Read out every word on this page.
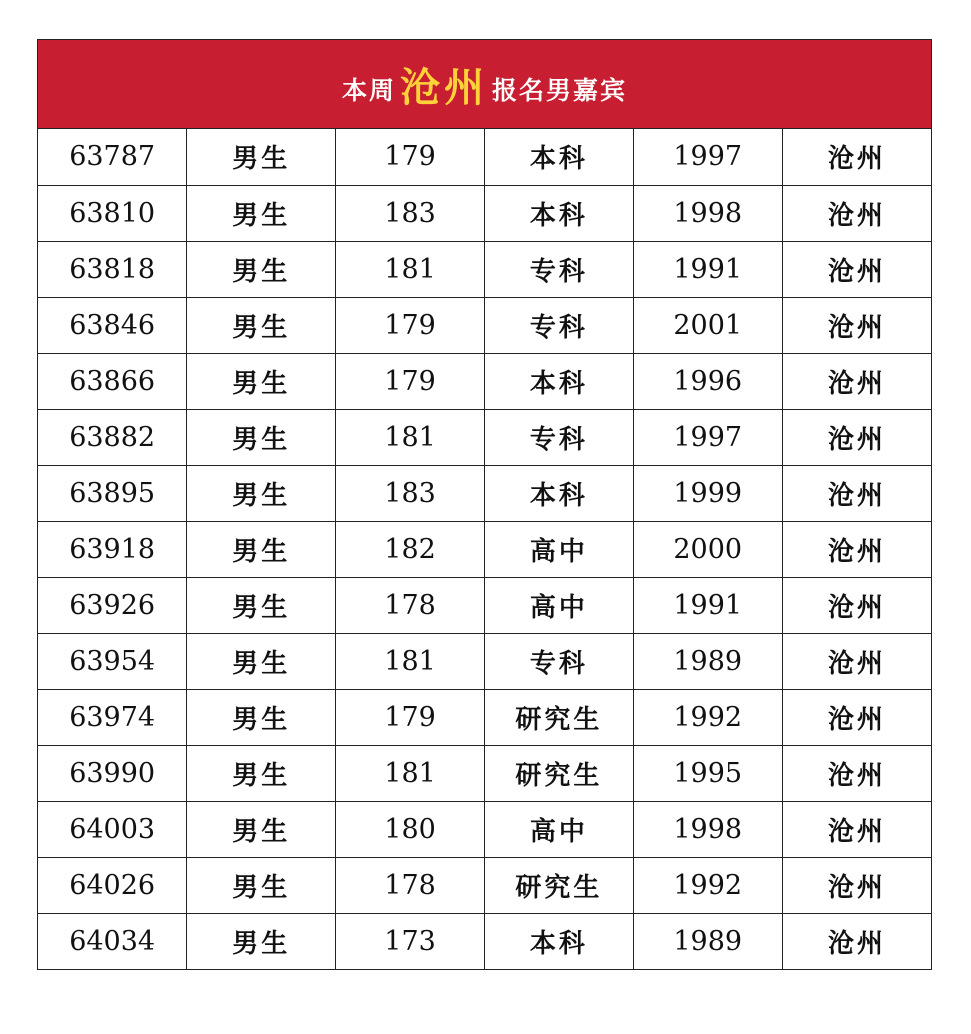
本周 沧州 报名男嘉宾
63787	男生	179	本科	1997	沧州
63810	男生	183	本科	1998	沧州
63818	男生	181	专科	1991	沧州
63846	男生	179	专科	2001	沧州
63866	男生	179	本科	1996	沧州
63882	男生	181	专科	1997	沧州
63895	男生	183	本科	1999	沧州
63918	男生	182	高中	2000	沧州
63926	男生	178	高中	1991	沧州
63954	男生	181	专科	1989	沧州
63974	男生	179	研究生	1992	沧州
63990	男生	181	研究生	1995	沧州
64003	男生	180	高中	1998	沧州
64026	男生	178	研究生	1992	沧州
64034	男生	173	本科	1989	沧州
